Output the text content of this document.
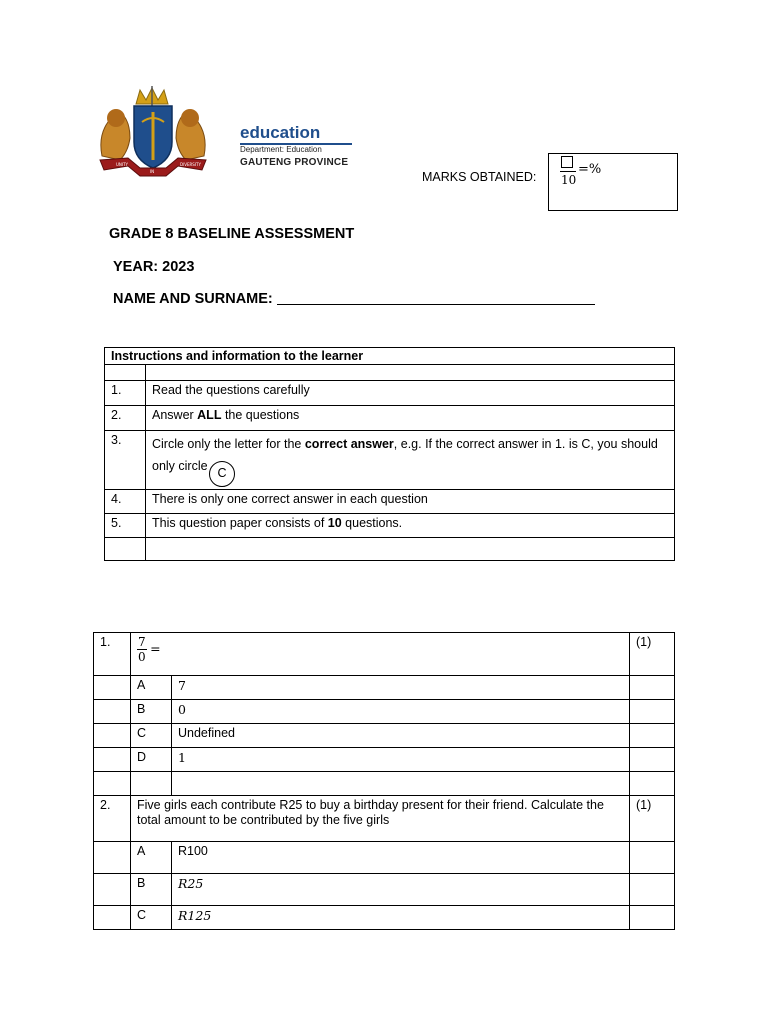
UNITY
IN
DIVERSITY
education
Department: Education
GAUTENG PROVINCE
MARKS OBTAINED: 10
=%
GRADE 8 BASELINE ASSESSMENT
YEAR: 2023
NAME AND SURNAME:
Instructions and information to the learner	

1.	Read the questions carefully
2.	Answer ALL the questions
3.	Circle only the letter for the correct answer, e.g. If the correct answer in 1. is C, you should only circle C
4.	There is only one correct answer in each question
5.	This question paper consists of 10 questions.

1.	$\frac{7}{0}$ =		(1)
	A	7	
	B	0	
	C	Undefined	
	D	1	

2.	Five girls each contribute R25 to buy a birthday present for their friend. Calculate the total amount to be contributed by the five girls		(1)
	A	R100	
	B	R25	
	C	R125	
